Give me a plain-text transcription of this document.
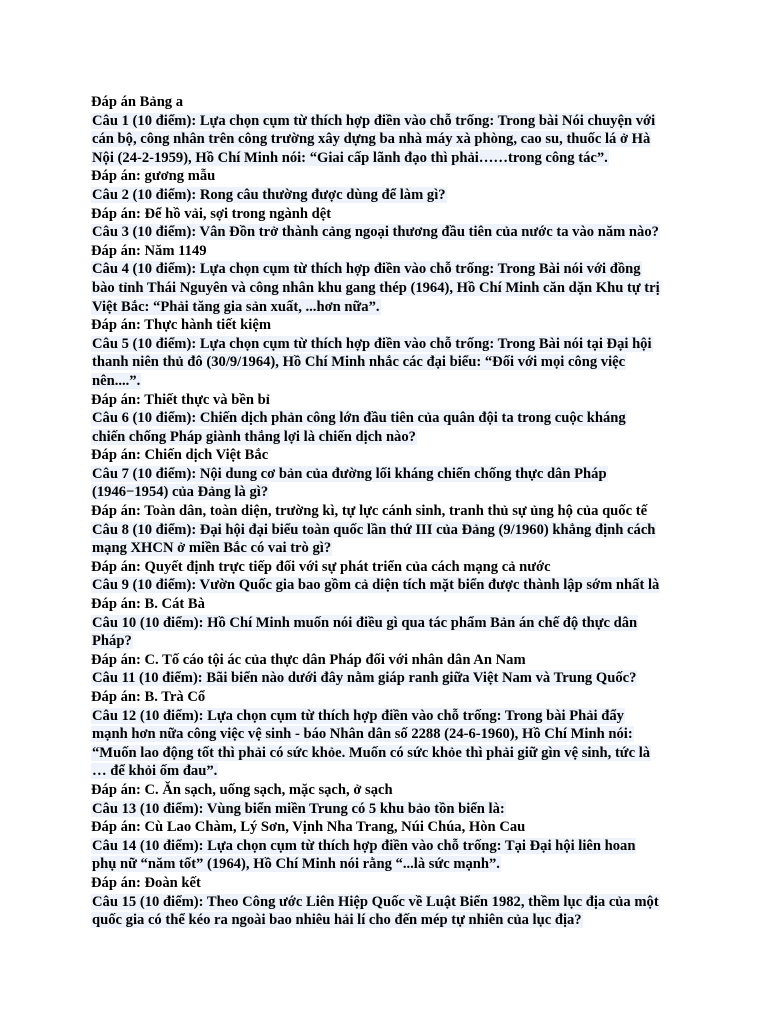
Đáp án Bảng a
Câu 1 (10 điểm): Lựa chọn cụm từ thích hợp điền vào chỗ trống: Trong bài Nói chuyện với
cán bộ, công nhân trên công trường xây dựng ba nhà máy xà phòng, cao su, thuốc lá ở Hà
Nội (24-2-1959), Hồ Chí Minh nói: “Giai cấp lãnh đạo thì phải……trong công tác”.
Đáp án: gương mẫu
Câu 2 (10 điểm): Rong câu thường được dùng để làm gì?
Đáp án: Để hồ vải, sợi trong ngành dệt
Câu 3 (10 điểm): Vân Đồn trở thành cảng ngoại thương đầu tiên của nước ta vào năm nào?
Đáp án: Năm 1149
Câu 4 (10 điểm): Lựa chọn cụm từ thích hợp điền vào chỗ trống: Trong Bài nói với đồng
bào tỉnh Thái Nguyên và công nhân khu gang thép (1964), Hồ Chí Minh căn dặn Khu tự trị
Việt Bắc: “Phải tăng gia sản xuất, ...hơn nữa”.
Đáp án: Thực hành tiết kiệm
Câu 5 (10 điểm): Lựa chọn cụm từ thích hợp điền vào chỗ trống: Trong Bài nói tại Đại hội
thanh niên thủ đô (30/9/1964), Hồ Chí Minh nhắc các đại biểu: “Đối với mọi công việc
nên....”.
Đáp án: Thiết thực và bền bỉ
Câu 6 (10 điểm): Chiến dịch phản công lớn đầu tiên của quân đội ta trong cuộc kháng
chiến chống Pháp giành thắng lợi là chiến dịch nào?
Đáp án: Chiến dịch Việt Bắc
Câu 7 (10 điểm): Nội dung cơ bản của đường lối kháng chiến chống thực dân Pháp
(1946−1954) của Đảng là gì?
Đáp án: Toàn dân, toàn diện, trường kì, tự lực cánh sinh, tranh thủ sự ủng hộ của quốc tế
Câu 8 (10 điểm): Đại hội đại biểu toàn quốc lần thứ III của Đảng (9/1960) khẳng định cách
mạng XHCN ở miền Bắc có vai trò gì?
Đáp án: Quyết định trực tiếp đối với sự phát triển của cách mạng cả nước
Câu 9 (10 điểm): Vườn Quốc gia bao gồm cả diện tích mặt biển được thành lập sớm nhất là
Đáp án: B. Cát Bà
Câu 10 (10 điểm): Hồ Chí Minh muốn nói điều gì qua tác phẩm Bản án chế độ thực dân
Pháp?
Đáp án: C. Tố cáo tội ác của thực dân Pháp đối với nhân dân An Nam
Câu 11 (10 điểm): Bãi biển nào dưới đây nằm giáp ranh giữa Việt Nam và Trung Quốc?
Đáp án: B. Trà Cổ
Câu 12 (10 điểm): Lựa chọn cụm từ thích hợp điền vào chỗ trống: Trong bài Phải đẩy
mạnh hơn nữa công việc vệ sinh - báo Nhân dân số 2288 (24-6-1960), Hồ Chí Minh nói:
“Muốn lao động tốt thì phải có sức khỏe. Muốn có sức khỏe thì phải giữ gìn vệ sinh, tức là
… để khỏi ốm đau”.
Đáp án: C. Ăn sạch, uống sạch, mặc sạch, ở sạch
Câu 13 (10 điểm): Vùng biển miền Trung có 5 khu bảo tồn biển là:
Đáp án: Cù Lao Chàm, Lý Sơn, Vịnh Nha Trang, Núi Chúa, Hòn Cau
Câu 14 (10 điểm): Lựa chọn cụm từ thích hợp điền vào chỗ trống: Tại Đại hội liên hoan
phụ nữ “năm tốt” (1964), Hồ Chí Minh nói rằng “...là sức mạnh”.
Đáp án: Đoàn kết
Câu 15 (10 điểm): Theo Công ước Liên Hiệp Quốc về Luật Biển 1982, thềm lục địa của một
quốc gia có thể kéo ra ngoài bao nhiêu hải lí cho đến mép tự nhiên của lục địa?
